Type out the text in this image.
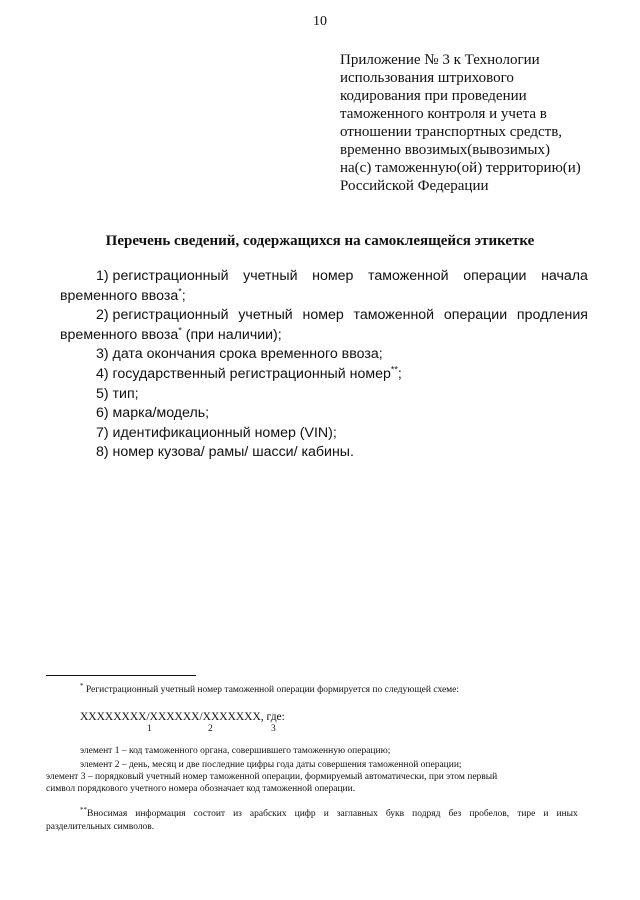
10
Приложение № 3 к Технологии
использования штрихового
кодирования при проведении
таможенного контроля и учета в
отношении транспортных средств,
временно ввозимых(вывозимых)
на(с) таможенную(ой) территорию(и)
Российской Федерации
Перечень сведений, содержащихся на самоклеящейся этикетке
1) регистрационный учетный номер таможенной операции начала
временного ввоза*;
2) регистрационный учетный номер таможенной операции продления
временного ввоза* (при наличии);
3) дата окончания срока временного ввоза;
4) государственный регистрационный номер**;
5) тип;
6) марка/модель;
7) идентификационный номер (VIN);
8) номер кузова/ рамы/ шасси/ кабины.
* Регистрационный учетный номер таможенной операции формируется по следующей схеме:
XXXXXXXX/XXXXXX/XXXXXXX, где:
1	2	3
элемент 1 – код таможенного органа, совершившего таможенную операцию;
элемент 2 – день, месяц и две последние цифры года даты совершения таможенной операции;
элемент 3 – порядковый учетный номер таможенной операции, формируемый автоматически, при этом первый
символ порядкового учетного номера обозначает код таможенной операции.
**Вносимая информация состоит из арабских цифр и заглавных букв подряд без пробелов, тире и иных
разделительных символов.
